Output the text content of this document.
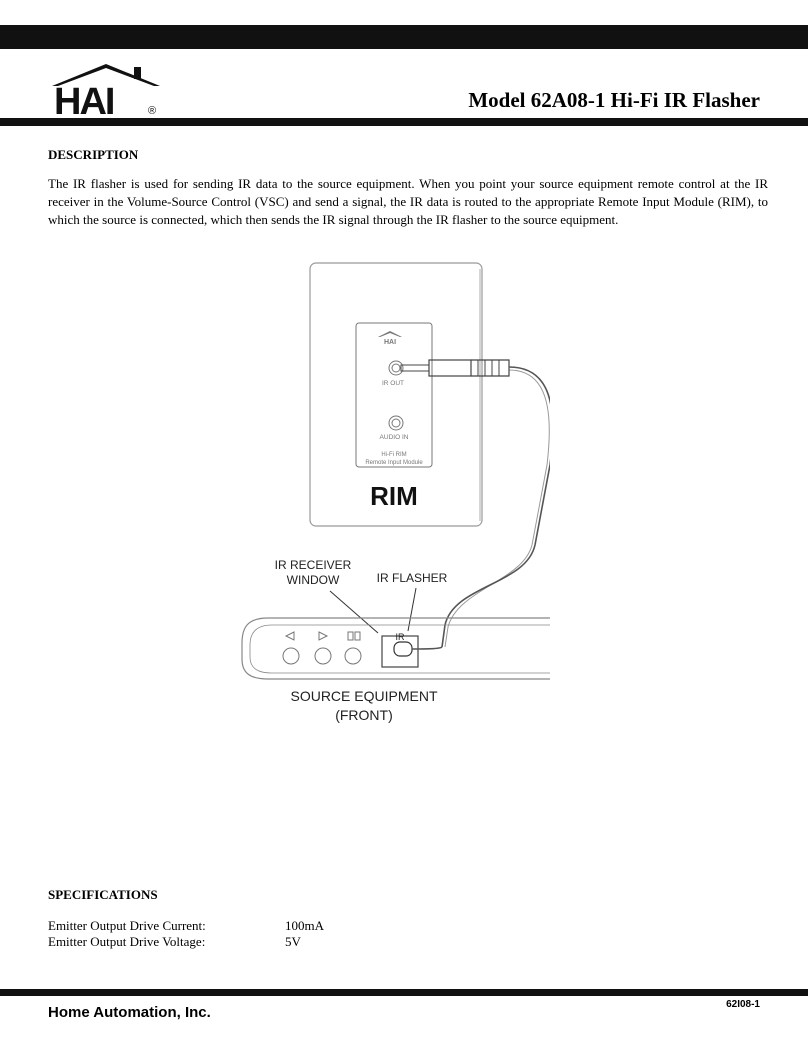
HAI	®	Model 62A08-1 Hi-Fi IR Flasher
DESCRIPTION
The IR flasher is used for sending IR data to the source equipment. When you point your source equipment remote control at the IR receiver in the Volume-Source Control (VSC) and send a signal, the IR data is routed to the appropriate Remote Input Module (RIM), to which the source is connected, which then sends the IR signal through the IR flasher to the source equipment.
HAI
IR OUT
AUDIO IN
Hi-Fi RIM
Remote Input Module
RIM
IR RECEIVER
WINDOW	IR FLASHER
IR
SOURCE EQUIPMENT
(FRONT)
SPECIFICATIONS
Emitter Output Drive Current:	100mA
Emitter Output Drive Voltage:	5V
Home Automation, Inc.	62I08-1
